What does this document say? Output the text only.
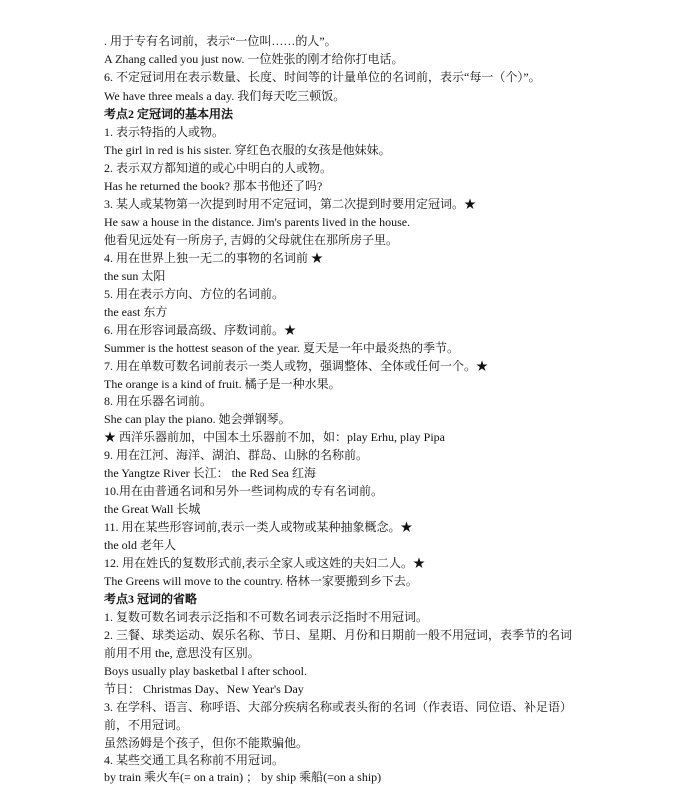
. 用于专有名词前，表示“一位叫……的人”。
A Zhang called you just now. 一位姓张的刚才给你打电话。
6. 不定冠词用在表示数量、长度、时间等的计量单位的名词前，表示“每一（个）”。
We have three meals a day. 我们每天吃三顿饭。
考点2 定冠词的基本用法
1. 表示特指的人或物。
The girl in red is his sister. 穿红色衣服的女孩是他妹妹。
2. 表示双方都知道的或心中明白的人或物。
Has he returned the book? 那本书他还了吗?
3. 某人或某物第一次提到时用不定冠词，第二次提到时要用定冠词。★
He saw a house in the distance. Jim's parents lived in the house.
他看见远处有一所房子, 吉姆的父母就住在那所房子里。
4. 用在世界上独一无二的事物的名词前 ★
the sun 太阳
5. 用在表示方向、方位的名词前。
the east 东方
6. 用在形容词最高级、序数词前。★
Summer is the hottest season of the year. 夏天是一年中最炎热的季节。
7. 用在单数可数名词前表示一类人或物，强调整体、全体或任何一个。★
The orange is a kind of fruit. 橘子是一种水果。
8. 用在乐器名词前。
She can play the piano. 她会弹钢琴。
★ 西洋乐器前加，中国本土乐器前不加，如：play Erhu, play Pipa
9. 用在江河、海洋、湖泊、群岛、山脉的名称前。
the Yangtze River 长江： the Red Sea 红海
10.用在由普通名词和另外一些词构成的专有名词前。
the Great Wall 长城
11. 用在某些形容词前,表示一类人或物或某种抽象概念。★
the old 老年人
12. 用在姓氏的复数形式前,表示全家人或这姓的夫妇二人。★
The Greens will move to the country. 格林一家要搬到乡下去。
考点3 冠词的省略
1. 复数可数名词表示泛指和不可数名词表示泛指时不用冠词。
2. 三餐、球类运动、娱乐名称、节日、星期、月份和日期前一般不用冠词，表季节的名词
前用不用 the, 意思没有区别。
Boys usually play basketbal l after school.
节日： Christmas Day、New Year's Day
3. 在学科、语言、称呼语、大部分疾病名称或表头衔的名词（作表语、同位语、补足语）
前，不用冠词。
虽然汤姆是个孩子，但你不能欺骗他。
4. 某些交通工具名称前不用冠词。
by train 乘火车(= on a train) ； by ship 乘船(=on a ship)
